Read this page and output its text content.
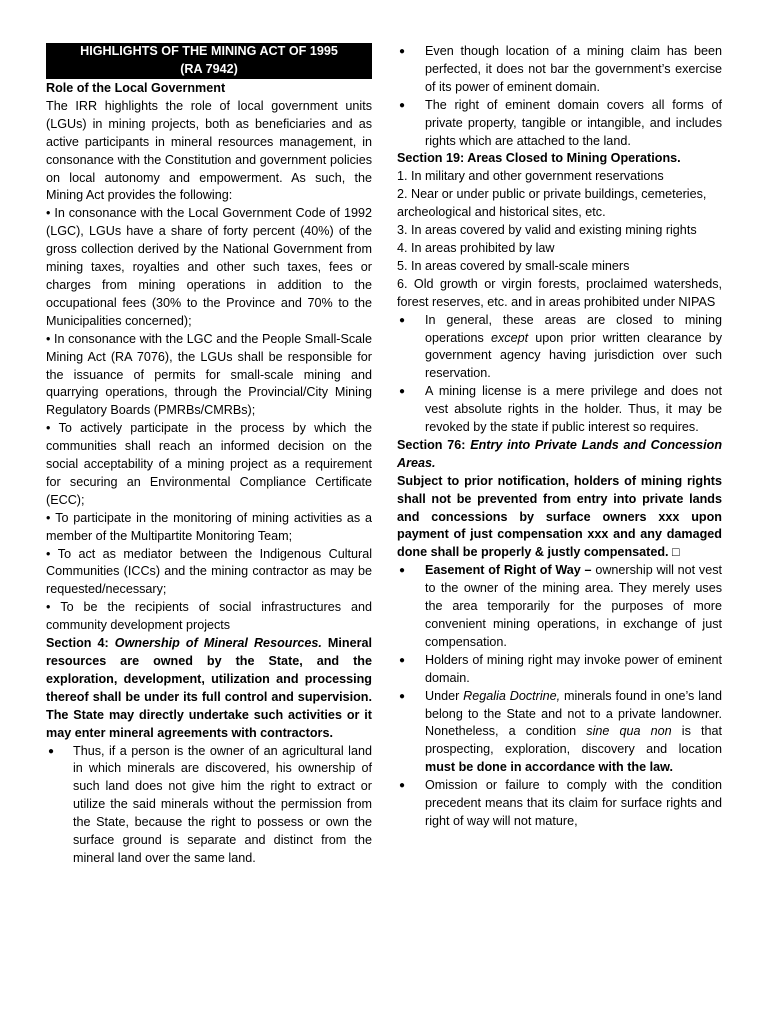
HIGHLIGHTS OF THE MINING ACT OF 1995
(RA 7942)

Role of the Local Government

The IRR highlights the role of local government units (LGUs) in mining projects, both as beneficiaries and as active participants in mineral resources management, in consonance with the Constitution and government policies on local autonomy and empowerment. As such, the Mining Act provides the following:

• In consonance with the Local Government Code of 1992 (LGC), LGUs have a share of forty percent (40%) of the gross collection derived by the National Government from mining taxes, royalties and other such taxes, fees or charges from mining operations in addition to the occupational fees (30% to the Province and 70% to the Municipalities concerned);

• In consonance with the LGC and the People Small-Scale Mining Act (RA 7076), the LGUs shall be responsible for the issuance of permits for small-scale mining and quarrying operations, through the Provincial/City Mining Regulatory Boards (PMRBs/CMRBs);

• To actively participate in the process by which the communities shall reach an informed decision on the social acceptability of a mining project as a requirement for securing an Environmental Compliance Certificate (ECC);

• To participate in the monitoring of mining activities as a member of the Multipartite Monitoring Team;

• To act as mediator between the Indigenous Cultural Communities (ICCs) and the mining contractor as may be requested/necessary;

• To be the recipients of social infrastructures and community development projects

Section 4: Ownership of Mineral Resources. Mineral resources are owned by the State, and the exploration, development, utilization and processing thereof shall be under its full control and supervision. The State may directly undertake such activities or it may enter mineral agreements with contractors.

● Thus, if a person is the owner of an agricultural land in which minerals are discovered, his ownership of such land does not give him the right to extract or utilize the said minerals without the permission from the State, because the right to possess or own the surface ground is separate and distinct from the mineral land over the same land.
● Even though location of a mining claim has been perfected, it does not bar the government’s exercise of its power of eminent domain.
● The right of eminent domain covers all forms of private property, tangible or intangible, and includes rights which are attached to the land.

Section 19: Areas Closed to Mining Operations.

1. In military and other government reservations

2. Near or under public or private buildings, cemeteries,

archeological and historical sites, etc.

3. In areas covered by valid and existing mining rights

4. In areas prohibited by law

5. In areas covered by small-scale miners

6. Old growth or virgin forests, proclaimed watersheds, forest reserves, etc. and in areas prohibited under NIPAS

● In general, these areas are closed to mining operations except upon prior written clearance by government agency having jurisdiction over such reservation.
● A mining license is a mere privilege and does not vest absolute rights in the holder. Thus, it may be revoked by the state if public interest so requires.

Section 76: Entry into Private Lands and Concession Areas.

Subject to prior notification, holders of mining rights shall not be prevented from entry into private lands and concessions by surface owners xxx upon payment of just compensation xxx and any damaged done shall be properly & justly compensated. □

● Easement of Right of Way – ownership will not vest to the owner of the mining area. They merely uses the area temporarily for the purposes of more convenient mining operations, in exchange of just compensation.
● Holders of mining right may invoke power of eminent domain.
● Under Regalia Doctrine, minerals found in one’s land belong to the State and not to a private landowner. Nonetheless, a condition sine qua non is that prospecting, exploration, discovery and location must be done in accordance with the law.
● Omission or failure to comply with the condition precedent means that its claim for surface rights and right of way will not mature,
